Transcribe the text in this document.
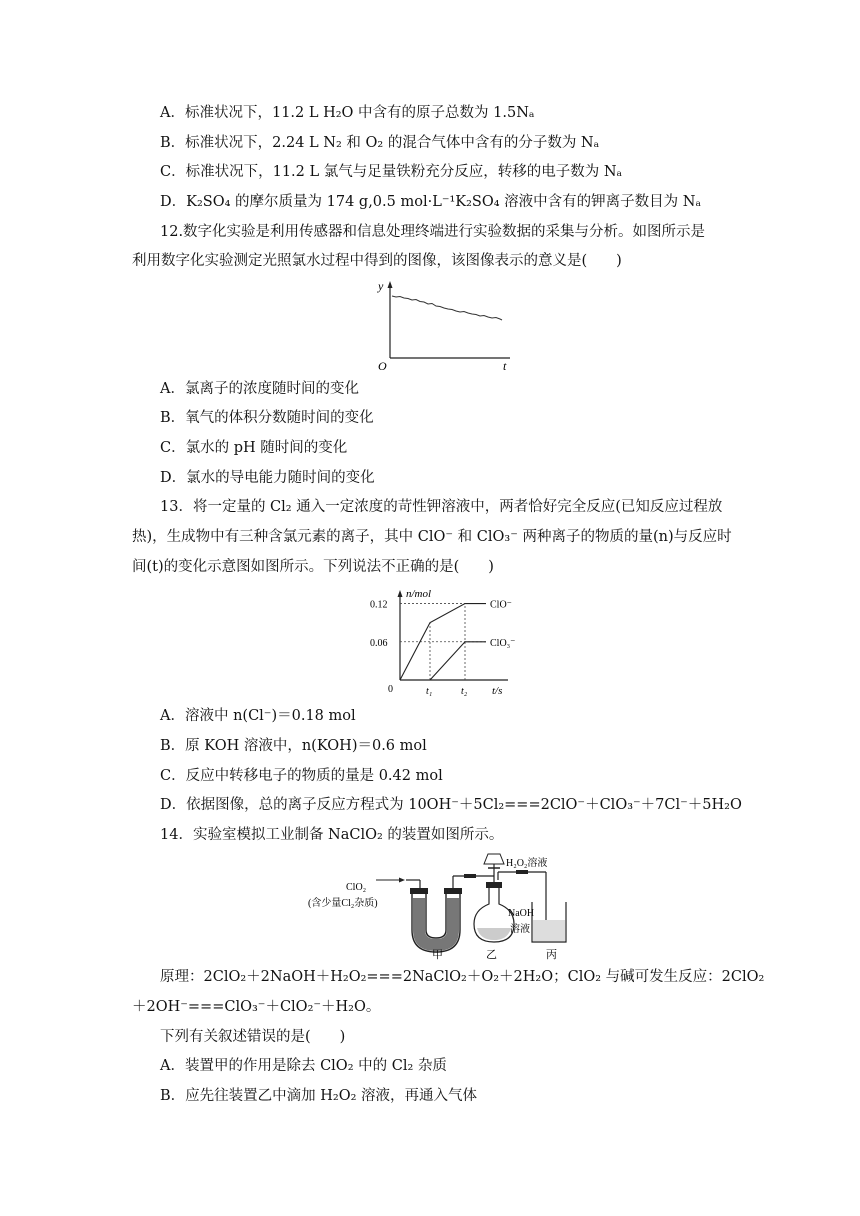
A．标准状况下，11.2 L H₂O 中含有的原子总数为 1.5Nₐ
B．标准状况下，2.24 L N₂ 和 O₂ 的混合气体中含有的分子数为 Nₐ
C．标准状况下，11.2 L 氯气与足量铁粉充分反应，转移的电子数为 Nₐ
D．K₂SO₄ 的摩尔质量为 174 g,0.5 mol·L⁻¹K₂SO₄ 溶液中含有的钾离子数目为 Nₐ
12.数字化实验是利用传感器和信息处理终端进行实验数据的采集与分析。如图所示是
利用数字化实验测定光照氯水过程中得到的图像，该图像表示的意义是(　　)
y
t
O
A．氯离子的浓度随时间的变化
B．氧气的体积分数随时间的变化
C．氯水的 pH 随时间的变化
D．氯水的导电能力随时间的变化
13．将一定量的 Cl₂ 通入一定浓度的苛性钾溶液中，两者恰好完全反应(已知反应过程放
热)，生成物中有三种含氯元素的离子，其中 ClO⁻ 和 ClO₃⁻ 两种离子的物质的量(n)与反应时
间(t)的变化示意图如图所示。下列说法不正确的是(　　)
n/mol
t/s
0
0.06
0.12
t₁	t₂
ClO⁻
ClO₃⁻
A．溶液中 n(Cl⁻)＝0.18 mol
B．原 KOH 溶液中，n(KOH)＝0.6 mol
C．反应中转移电子的物质的量是 0.42 mol
D．依据图像，总的离子反应方程式为 10OH⁻＋5Cl₂===2ClO⁻＋ClO₃⁻＋7Cl⁻＋5H₂O
14．实验室模拟工业制备 NaClO₂ 的装置如图所示。
ClO₂
(含少量Cl₂杂质)
H₂O₂溶液
NaOH
溶液
甲	乙	丙
原理：2ClO₂＋2NaOH＋H₂O₂===2NaClO₂＋O₂＋2H₂O；ClO₂ 与碱可发生反应：2ClO₂
＋2OH⁻===ClO₃⁻＋ClO₂⁻＋H₂O。
下列有关叙述错误的是(　　)
A．装置甲的作用是除去 ClO₂ 中的 Cl₂ 杂质
B．应先往装置乙中滴加 H₂O₂ 溶液，再通入气体
